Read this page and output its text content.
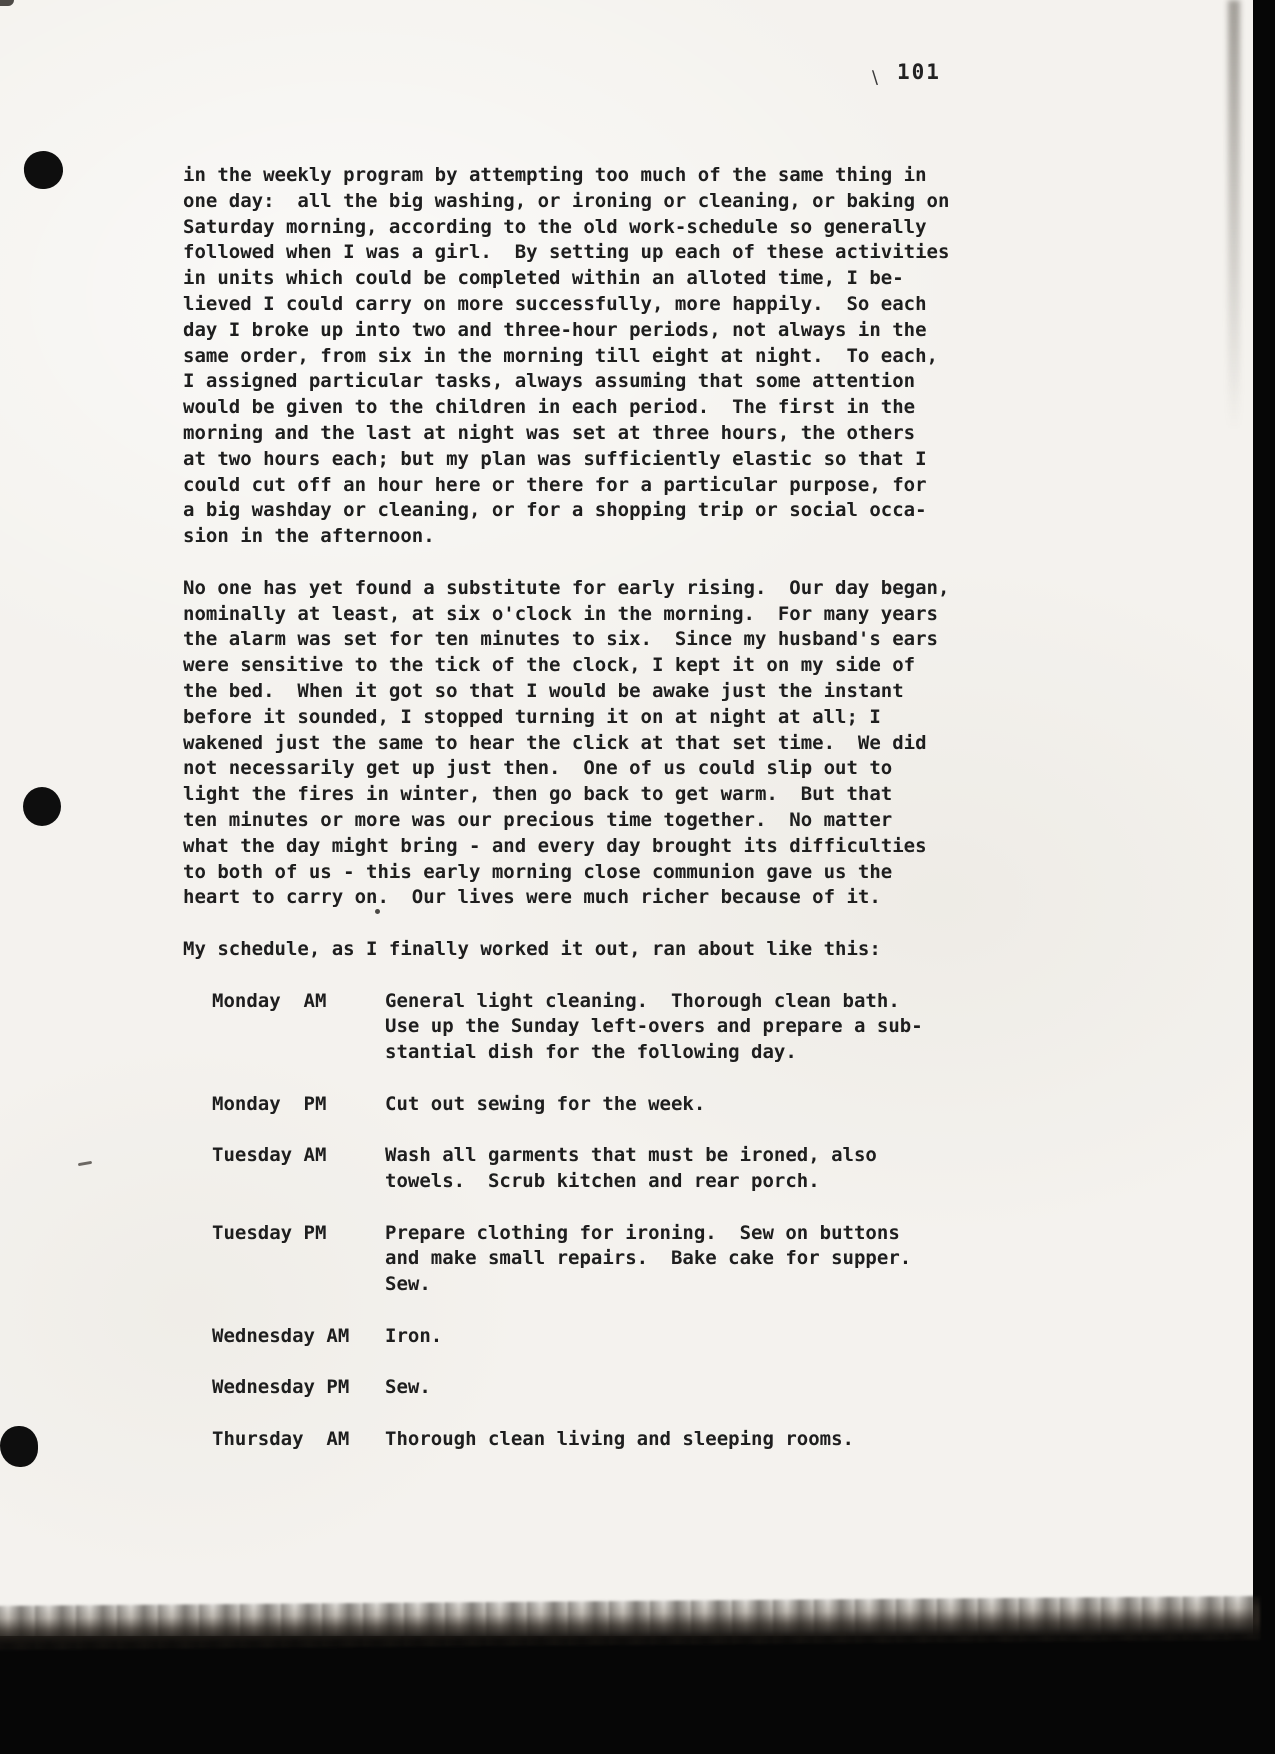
\ 101
in the weekly program by attempting too much of the same thing in
one day:  all the big washing, or ironing or cleaning, or baking on
Saturday morning, according to the old work-schedule so generally
followed when I was a girl.  By setting up each of these activities
in units which could be completed within an alloted time, I be-
lieved I could carry on more successfully, more happily.  So each
day I broke up into two and three-hour periods, not always in the
same order, from six in the morning till eight at night.  To each,
I assigned particular tasks, always assuming that some attention
would be given to the children in each period.  The first in the
morning and the last at night was set at three hours, the others
at two hours each; but my plan was sufficiently elastic so that I
could cut off an hour here or there for a particular purpose, for
a big washday or cleaning, or for a shopping trip or social occa-
sion in the afternoon.
No one has yet found a substitute for early rising.  Our day began,
nominally at least, at six o'clock in the morning.  For many years
the alarm was set for ten minutes to six.  Since my husband's ears
were sensitive to the tick of the clock, I kept it on my side of
the bed.  When it got so that I would be awake just the instant
before it sounded, I stopped turning it on at night at all; I
wakened just the same to hear the click at that set time.  We did
not necessarily get up just then.  One of us could slip out to
light the fires in winter, then go back to get warm.  But that
ten minutes or more was our precious time together.  No matter
what the day might bring - and every day brought its difficulties
to both of us - this early morning close communion gave us the
heart to carry on.  Our lives were much richer because of it.
My schedule, as I finally worked it out, ran about like this:
Monday  AM	General light cleaning.  Thorough clean bath.
Use up the Sunday left-overs and prepare a sub-
stantial dish for the following day.
Monday  PM	Cut out sewing for the week.
Tuesday AM	Wash all garments that must be ironed, also
towels.  Scrub kitchen and rear porch.
Tuesday PM	Prepare clothing for ironing.  Sew on buttons
and make small repairs.  Bake cake for supper.
Sew.
Wednesday AM	Iron.
Wednesday PM	Sew.
Thursday  AM	Thorough clean living and sleeping rooms.
